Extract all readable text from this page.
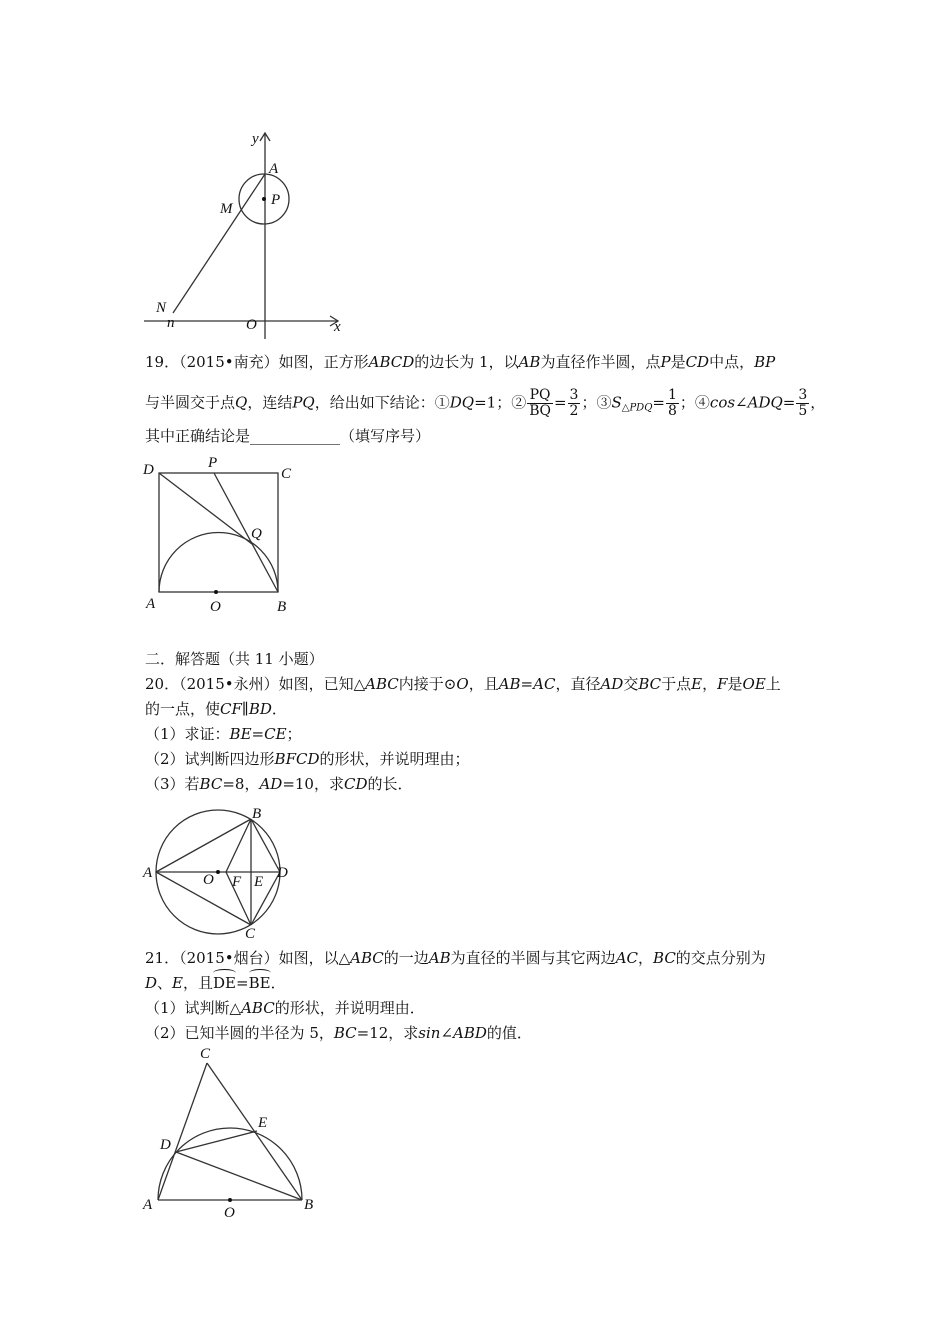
y
x
A
P
M
N
n	O
19．（2015•南充）如图，正方形ABCD的边长为 1，以AB为直径作半圆，点P是CD中点，BP
与半圆交于点Q，连结PQ，给出如下结论：①DQ=1；② $\frac{PQ}{BQ} = \frac{3}{2}$ ；$③S_{\triangle PDQ}= \frac{1}{8}$ ；④cos∠ADQ= $\frac{3}{5}$ ，
其中正确结论是____________（填写序号）
D	P
C
Q
A	O	B
二．解答题（共 11 小题）
20．（2015•永州）如图，已知△ABC内接于⊙O，且AB=AC，直径AD交BC于点E，F是OE上
的一点，使CF∥BD．
（1）求证：BE=CE；
（2）试判断四边形BFCD的形状，并说明理由；
（3）若BC=8，AD=10，求CD的长．
B
A	O F E
D
C
21．（2015•烟台）如图，以△ABC的一边AB为直径的半圆与其它两边AC，BC的交点分别为
D、E，且DE=BE．
（1）试判断△ABC的形状，并说明理由．
（2）已知半圆的半径为 5，BC=12，求sin∠ABD的值．
C
E
D
A	O	B
